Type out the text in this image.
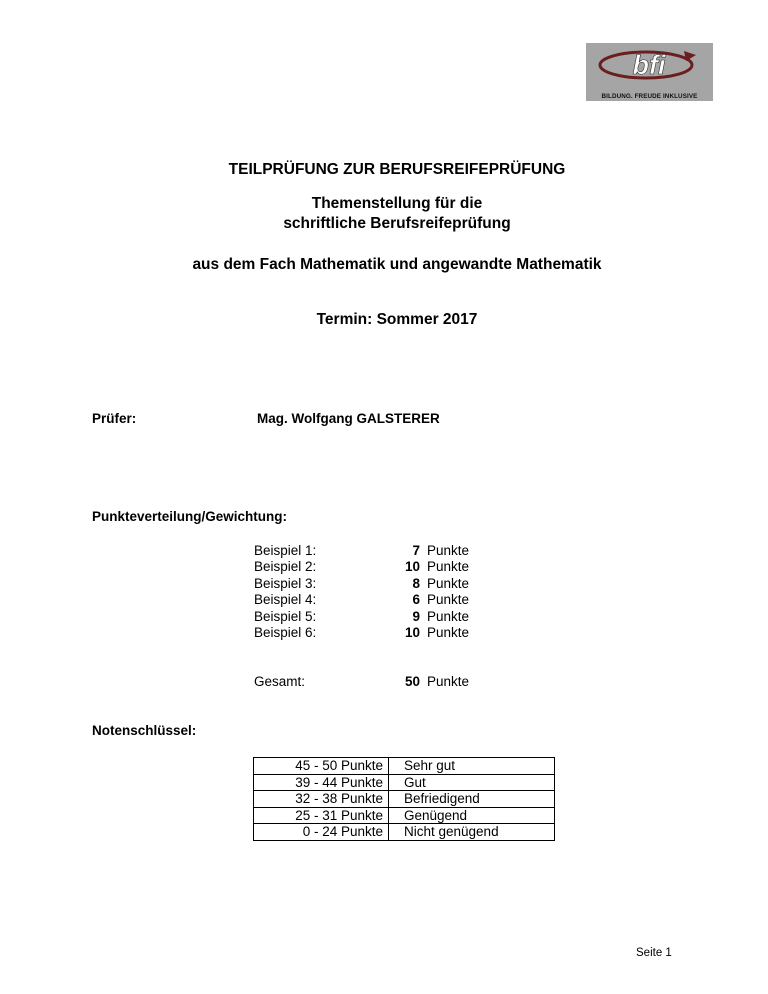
bfi
BILDUNG. FREUDE INKLUSIVE
TEILPRÜFUNG ZUR BERUFSREIFEPRÜFUNG
Themenstellung für die
schriftliche Berufsreifeprüfung
aus dem Fach Mathematik und angewandte Mathematik
Termin: Sommer 2017
Prüfer:	Mag. Wolfgang GALSTERER
Punkteverteilung/Gewichtung:
Beispiel 1:	7 Punkte
Beispiel 2:	10 Punkte
Beispiel 3:	8 Punkte
Beispiel 4:	6 Punkte
Beispiel 5:	9 Punkte
Beispiel 6:	10 Punkte
Gesamt:	50 Punkte
Notenschlüssel:
45 - 50 Punkte	Sehr gut
39 - 44 Punkte	Gut
32 - 38 Punkte	Befriedigend
25 - 31 Punkte	Genügend
0 - 24 Punkte	Nicht genügend
Seite 1
